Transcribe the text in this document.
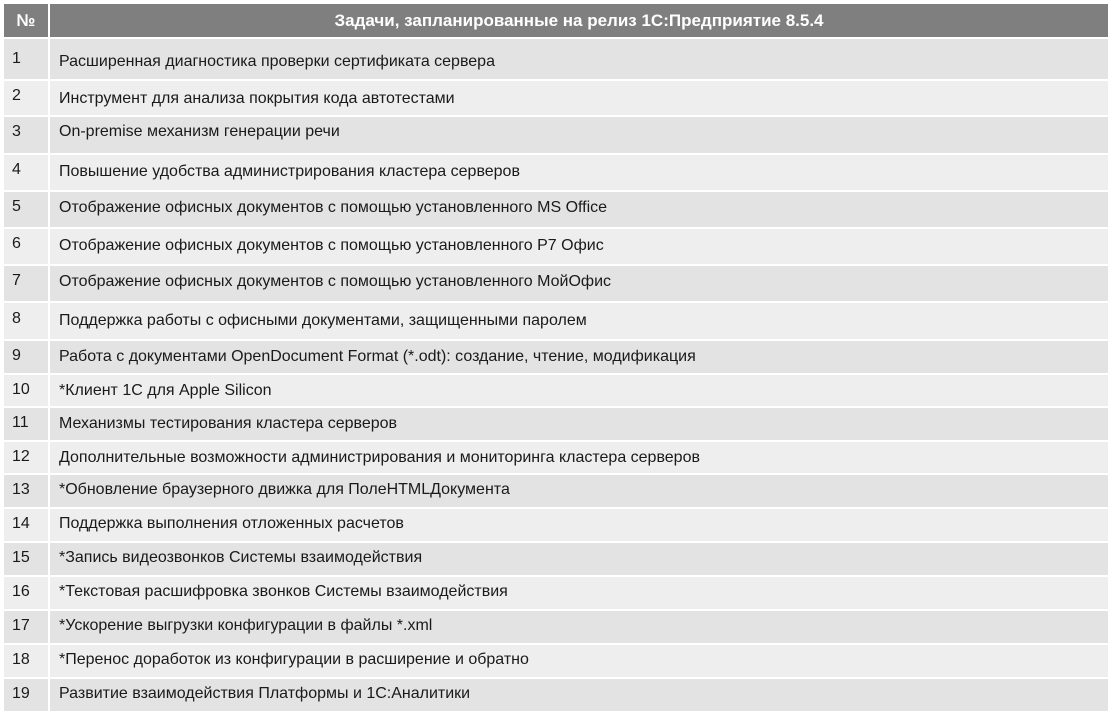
№	Задачи, запланированные на релиз 1С:Предприятие 8.5.4

1	Расширенная диагностика проверки сертификата сервера

2	Инструмент для анализа покрытия кода автотестами

3	On-premise механизм генерации речи

4	Повышение удобства администрирования кластера серверов

5	Отображение офисных документов с помощью установленного MS Office

6	Отображение офисных документов с помощью установленного Р7 Офис

7	Отображение офисных документов с помощью установленного МойОфис

8	Поддержка работы с офисными документами, защищенными паролем

9	Работа с документами OpenDocument Format (*.odt): создание, чтение, модификация

10	*Клиент 1С для Apple Silicon

11	Механизмы тестирования кластера серверов

12	Дополнительные возможности администрирования и мониторинга кластера серверов

13	*Обновление браузерного движка для ПолеHTMLДокумента

14	Поддержка выполнения отложенных расчетов

15	*Запись видеозвонков Системы взаимодействия

16	*Текстовая расшифровка звонков Системы взаимодействия

17	*Ускорение выгрузки конфигурации в файлы *.xml

18	*Перенос доработок из конфигурации в расширение и обратно

19	Развитие взаимодействия Платформы и 1С:Аналитики
